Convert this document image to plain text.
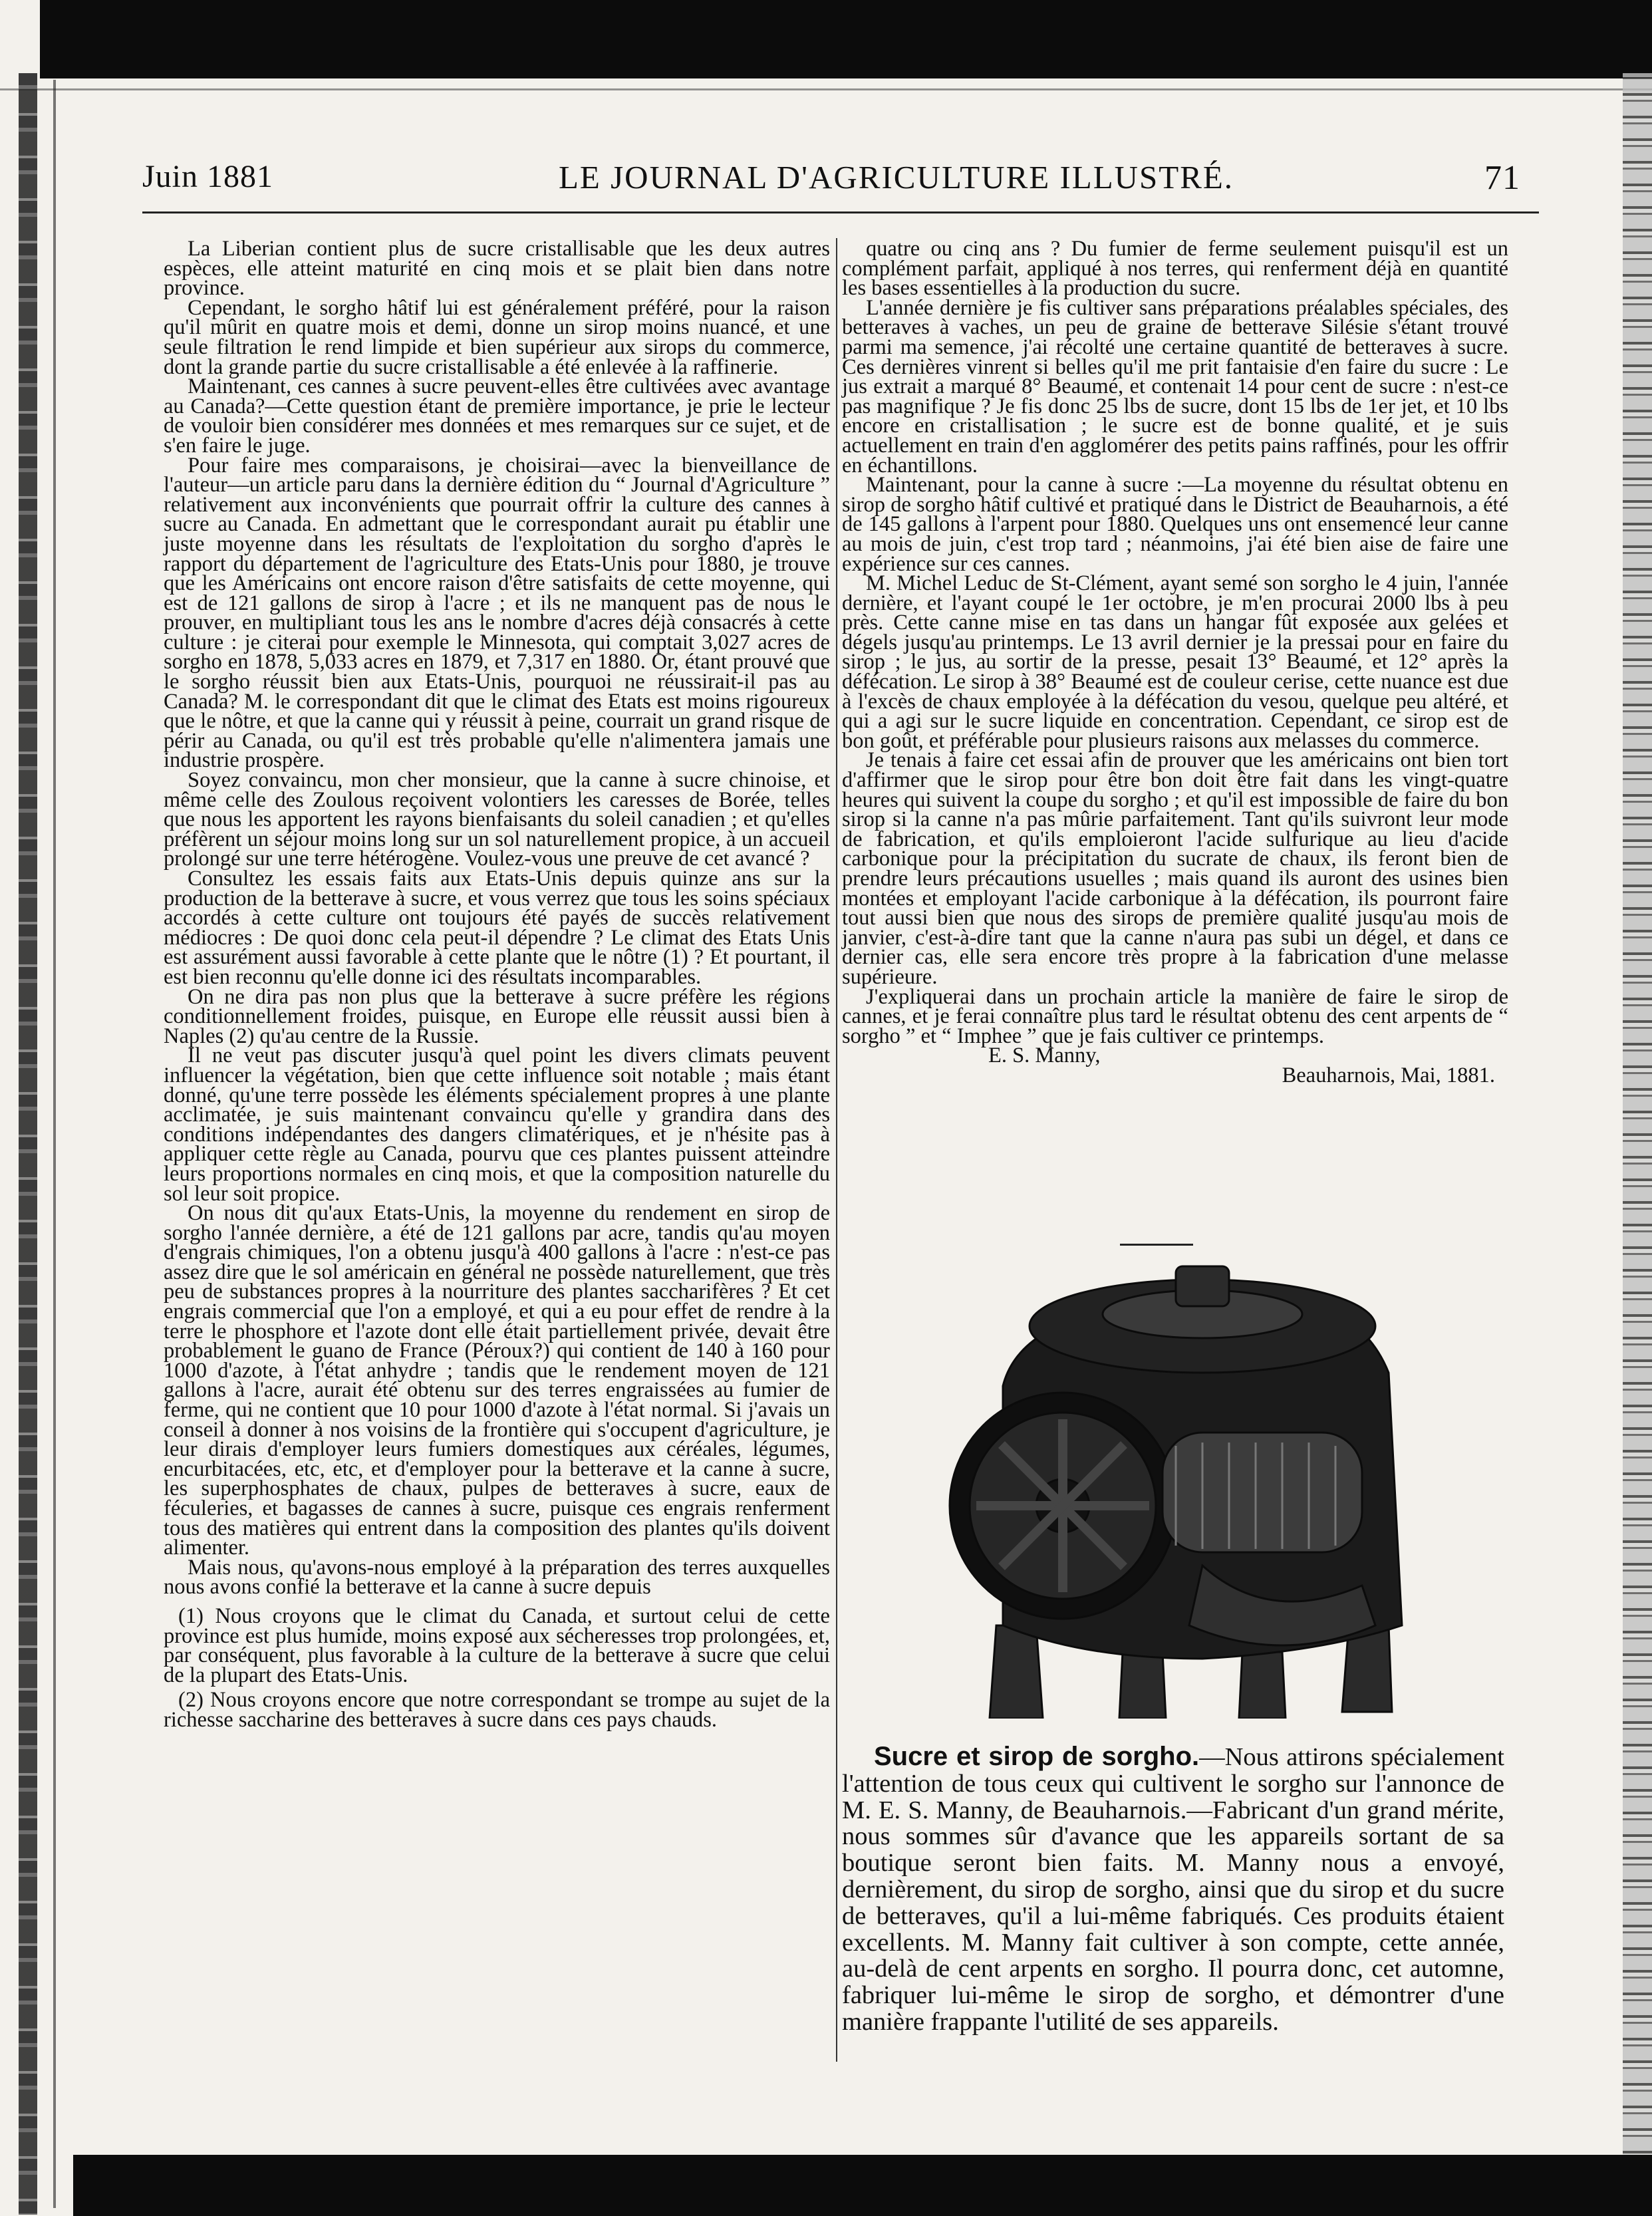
Juin 1881	LE JOURNAL D'AGRICULTURE ILLUSTRÉ.	71

La Liberian contient plus de sucre cristallisable que les deux autres espèces, elle atteint maturité en cinq mois et se plait bien dans notre province.

Cependant, le sorgho hâtif lui est généralement préféré, pour la raison qu'il mûrit en quatre mois et demi, donne un sirop moins nuancé, et une seule filtration le rend limpide et bien supérieur aux sirops du commerce, dont la grande partie du sucre cristallisable a été enlevée à la raffinerie.

Maintenant, ces cannes à sucre peuvent-elles être cultivées avec avantage au Canada?—Cette question étant de première importance, je prie le lecteur de vouloir bien considérer mes données et mes remarques sur ce sujet, et de s'en faire le juge.

Pour faire mes comparaisons, je choisirai—avec la bienveillance de l'auteur—un article paru dans la dernière édition du “ Journal d'Agriculture ” relativement aux inconvénients que pourrait offrir la culture des cannes à sucre au Canada. En admettant que le correspondant aurait pu établir une juste moyenne dans les résultats de l'exploitation du sorgho d'après le rapport du département de l'agriculture des Etats-Unis pour 1880, je trouve que les Américains ont encore raison d'être satisfaits de cette moyenne, qui est de 121 gallons de sirop à l'acre ; et ils ne manquent pas de nous le prouver, en multipliant tous les ans le nombre d'acres déjà consacrés à cette culture : je citerai pour exemple le Minnesota, qui comptait 3,027 acres de sorgho en 1878, 5,033 acres en 1879, et 7,317 en 1880. Or, étant prouvé que le sorgho réussit bien aux Etats-Unis, pourquoi ne réussirait-il pas au Canada? M. le correspondant dit que le climat des Etats est moins rigoureux que le nôtre, et que la canne qui y réussit à peine, courrait un grand risque de périr au Canada, ou qu'il est très probable qu'elle n'alimentera jamais une industrie prospère.

Soyez convaincu, mon cher monsieur, que la canne à sucre chinoise, et même celle des Zoulous reçoivent volontiers les caresses de Borée, telles que nous les apportent les rayons bienfaisants du soleil canadien ; et qu'elles préfèrent un séjour moins long sur un sol naturellement propice, à un accueil prolongé sur une terre hétérogène. Voulez-vous une preuve de cet avancé ?

Consultez les essais faits aux Etats-Unis depuis quinze ans sur la production de la betterave à sucre, et vous verrez que tous les soins spéciaux accordés à cette culture ont toujours été payés de succès relativement médiocres : De quoi donc cela peut-il dépendre ? Le climat des Etats Unis est assurément aussi favorable à cette plante que le nôtre (1) ? Et pourtant, il est bien reconnu qu'elle donne ici des résultats incomparables.

On ne dira pas non plus que la betterave à sucre préfère les régions conditionnellement froides, puisque, en Europe elle réussit aussi bien à Naples (2) qu'au centre de la Russie.

Il ne veut pas discuter jusqu'à quel point les divers climats peuvent influencer la végétation, bien que cette influence soit notable ; mais étant donné, qu'une terre possède les éléments spécialement propres à une plante acclimatée, je suis maintenant convaincu qu'elle y grandira dans des conditions indépendantes des dangers climatériques, et je n'hésite pas à appliquer cette règle au Canada, pourvu que ces plantes puissent atteindre leurs proportions normales en cinq mois, et que la composition naturelle du sol leur soit propice.

On nous dit qu'aux Etats-Unis, la moyenne du rendement en sirop de sorgho l'année dernière, a été de 121 gallons par acre, tandis qu'au moyen d'engrais chimiques, l'on a obtenu jusqu'à 400 gallons à l'acre : n'est-ce pas assez dire que le sol américain en général ne possède naturellement, que très peu de substances propres à la nourriture des plantes saccharifères ? Et cet engrais commercial que l'on a employé, et qui a eu pour effet de rendre à la terre le phosphore et l'azote dont elle était partiellement privée, devait être probablement le guano de France (Péroux?) qui contient de 140 à 160 pour 1000 d'azote, à l'état anhydre ; tandis que le rendement moyen de 121 gallons à l'acre, aurait été obtenu sur des terres engraissées au fumier de ferme, qui ne contient que 10 pour 1000 d'azote à l'état normal. Si j'avais un conseil à donner à nos voisins de la frontière qui s'occupent d'agriculture, je leur dirais d'employer leurs fumiers domestiques aux céréales, légumes, encurbitacées, etc, etc, et d'employer pour la betterave et la canne à sucre, les superphosphates de chaux, pulpes de betteraves à sucre, eaux de féculeries, et bagasses de cannes à sucre, puisque ces engrais renferment tous des matières qui entrent dans la composition des plantes qu'ils doivent alimenter.

Mais nous, qu'avons-nous employé à la préparation des terres auxquelles nous avons confié la betterave et la canne à sucre depuis

(1) Nous croyons que le climat du Canada, et surtout celui de cette province est plus humide, moins exposé aux sécheresses trop prolongées, et, par conséquent, plus favorable à la culture de la betterave à sucre que celui de la plupart des Etats-Unis.

(2) Nous croyons encore que notre correspondant se trompe au sujet de la richesse saccharine des betteraves à sucre dans ces pays chauds.

quatre ou cinq ans ? Du fumier de ferme seulement puisqu'il est un complément parfait, appliqué à nos terres, qui renferment déjà en quantité les bases essentielles à la production du sucre.

L'année dernière je fis cultiver sans préparations préalables spéciales, des betteraves à vaches, un peu de graine de betterave Silésie s'étant trouvé parmi ma semence, j'ai récolté une certaine quantité de betteraves à sucre. Ces dernières vinrent si belles qu'il me prit fantaisie d'en faire du sucre : Le jus extrait a marqué 8° Beaumé, et contenait 14 pour cent de sucre : n'est-ce pas magnifique ? Je fis donc 25 lbs de sucre, dont 15 lbs de 1er jet, et 10 lbs encore en cristallisation ; le sucre est de bonne qualité, et je suis actuellement en train d'en agglomérer des petits pains raffinés, pour les offrir en échantillons.

Maintenant, pour la canne à sucre :—La moyenne du résultat obtenu en sirop de sorgho hâtif cultivé et pratiqué dans le District de Beauharnois, a été de 145 gallons à l'arpent pour 1880. Quelques uns ont ensemencé leur canne au mois de juin, c'est trop tard ; néanmoins, j'ai été bien aise de faire une expérience sur ces cannes.

M. Michel Leduc de St-Clément, ayant semé son sorgho le 4 juin, l'année dernière, et l'ayant coupé le 1er octobre, je m'en procurai 2000 lbs à peu près. Cette canne mise en tas dans un hangar fût exposée aux gelées et dégels jusqu'au printemps. Le 13 avril dernier je la pressai pour en faire du sirop ; le jus, au sortir de la presse, pesait 13° Beaumé, et 12° après la défécation. Le sirop à 38° Beaumé est de couleur cerise, cette nuance est due à l'excès de chaux employée à la défécation du vesou, quelque peu altéré, et qui a agi sur le sucre liquide en concentration. Cependant, ce sirop est de bon goût, et préférable pour plusieurs raisons aux melasses du commerce.

Je tenais à faire cet essai afin de prouver que les américains ont bien tort d'affirmer que le sirop pour être bon doit être fait dans les vingt-quatre heures qui suivent la coupe du sorgho ; et qu'il est impossible de faire du bon sirop si la canne n'a pas mûrie parfaitement. Tant qu'ils suivront leur mode de fabrication, et qu'ils emploieront l'acide sulfurique au lieu d'acide carbonique pour la précipitation du sucrate de chaux, ils feront bien de prendre leurs précautions usuelles ; mais quand ils auront des usines bien montées et employant l'acide carbonique à la défécation, ils pourront faire tout aussi bien que nous des sirops de première qualité jusqu'au mois de janvier, c'est-à-dire tant que la canne n'aura pas subi un dégel, et dans ce dernier cas, elle sera encore très propre à la fabrication d'une melasse supérieure.

J'expliquerai dans un prochain article la manière de faire le sirop de cannes, et je ferai connaître plus tard le résultat obtenu des cent arpents de “ sorgho ” et “ Imphee ” que je fais cultiver ce printemps.

E. S. Manny,

Beauharnois, Mai, 1881.

Sucre et sirop de sorgho.—Nous attirons spécialement l'attention de tous ceux qui cultivent le sorgho sur l'annonce de M. E. S. Manny, de Beauharnois.—Fabricant d'un grand mérite, nous sommes sûr d'avance que les appareils sortant de sa boutique seront bien faits. M. Manny nous a envoyé, dernièrement, du sirop de sorgho, ainsi que du sirop et du sucre de betteraves, qu'il a lui-même fabriqués. Ces produits étaient excellents. M. Manny fait cultiver à son compte, cette année, au-delà de cent arpents en sorgho. Il pourra donc, cet automne, fabriquer lui-même le sirop de sorgho, et démontrer d'une manière frappante l'utilité de ses appareils.
